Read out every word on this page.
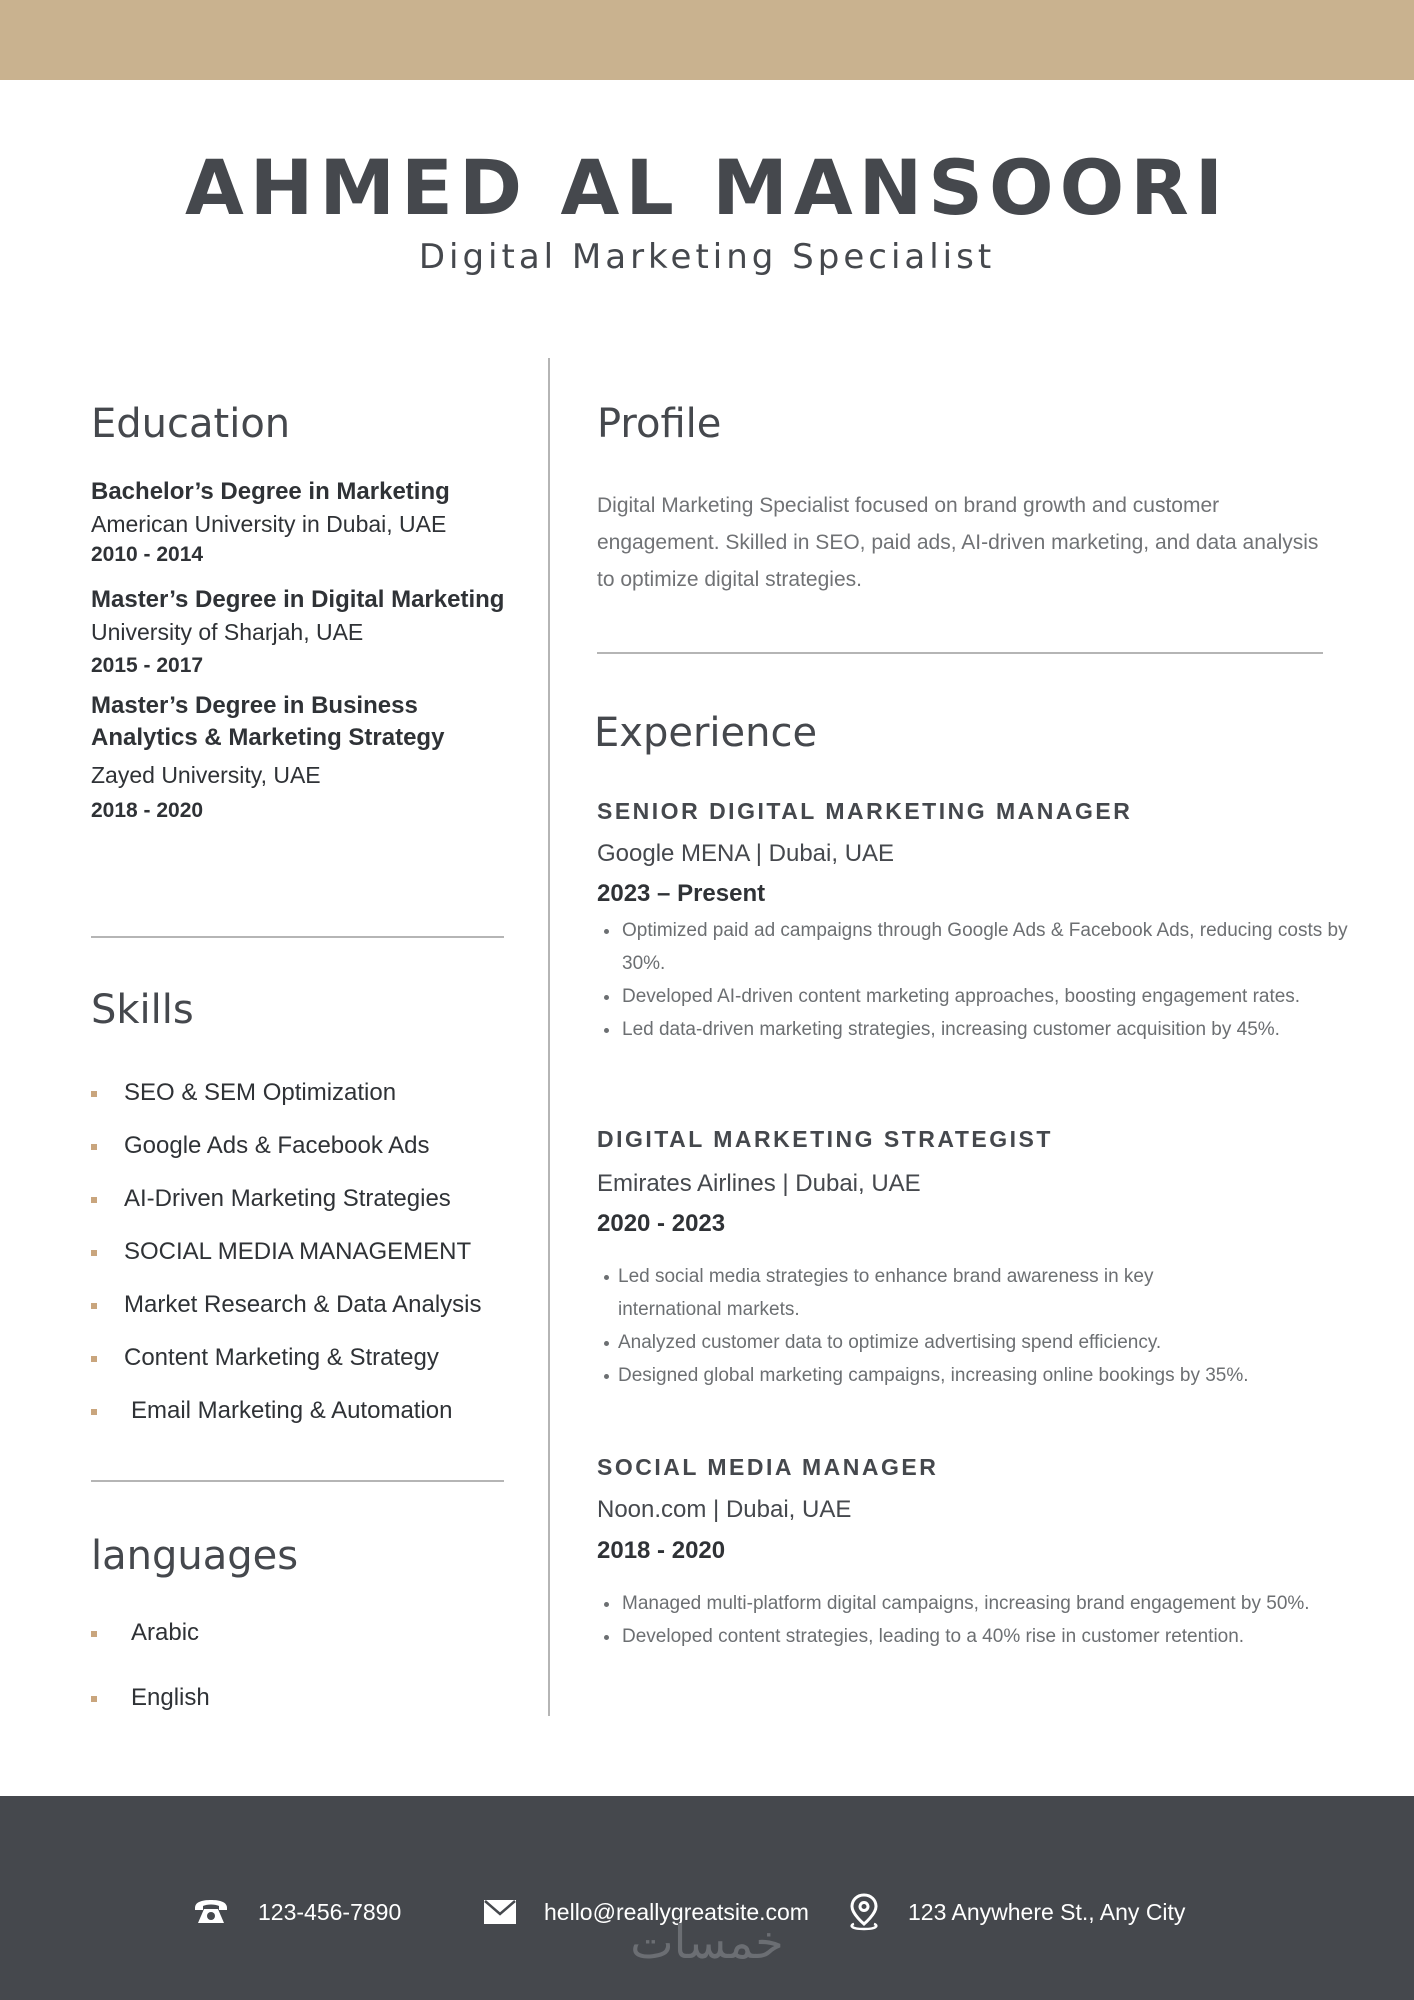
AHMED AL MANSOORI
Digital Marketing Specialist
Education
Bachelor’s Degree in Marketing
American University in Dubai, UAE
2010 - 2014
Master’s Degree in Digital Marketing
University of Sharjah, UAE
2015 - 2017
Master’s Degree in Business Analytics & Marketing Strategy
Zayed University, UAE
2018 - 2020
Skills
SEO & SEM Optimization
Google Ads & Facebook Ads
AI-Driven Marketing Strategies
SOCIAL MEDIA MANAGEMENT
Market Research & Data Analysis
Content Marketing & Strategy
Email Marketing & Automation
languages
Arabic
English
Profile

Digital Marketing Specialist focused on brand growth and customer engagement. Skilled in SEO, paid ads, AI-driven marketing, and data analysis to optimize digital strategies.

Experience
SENIOR DIGITAL MARKETING MANAGER
Google MENA | Dubai, UAE
2023 – Present
Optimized paid ad campaigns through Google Ads & Facebook Ads, reducing costs by 30%.
Developed AI-driven content marketing approaches, boosting engagement rates.
Led data-driven marketing strategies, increasing customer acquisition by 45%.
DIGITAL MARKETING STRATEGIST
Emirates Airlines | Dubai, UAE
2020 - 2023
Led social media strategies to enhance brand awareness in key international markets.
Analyzed customer data to optimize advertising spend efficiency.
Designed global marketing campaigns, increasing online bookings by 35%.
SOCIAL MEDIA MANAGER
Noon.com | Dubai, UAE
2018 - 2020
Managed multi-platform digital campaigns, increasing brand engagement by 50%.
Developed content strategies, leading to a 40% rise in customer retention.
123-456-7890	hello@reallygreatsite.com	123 Anywhere St., Any City
خمسات
